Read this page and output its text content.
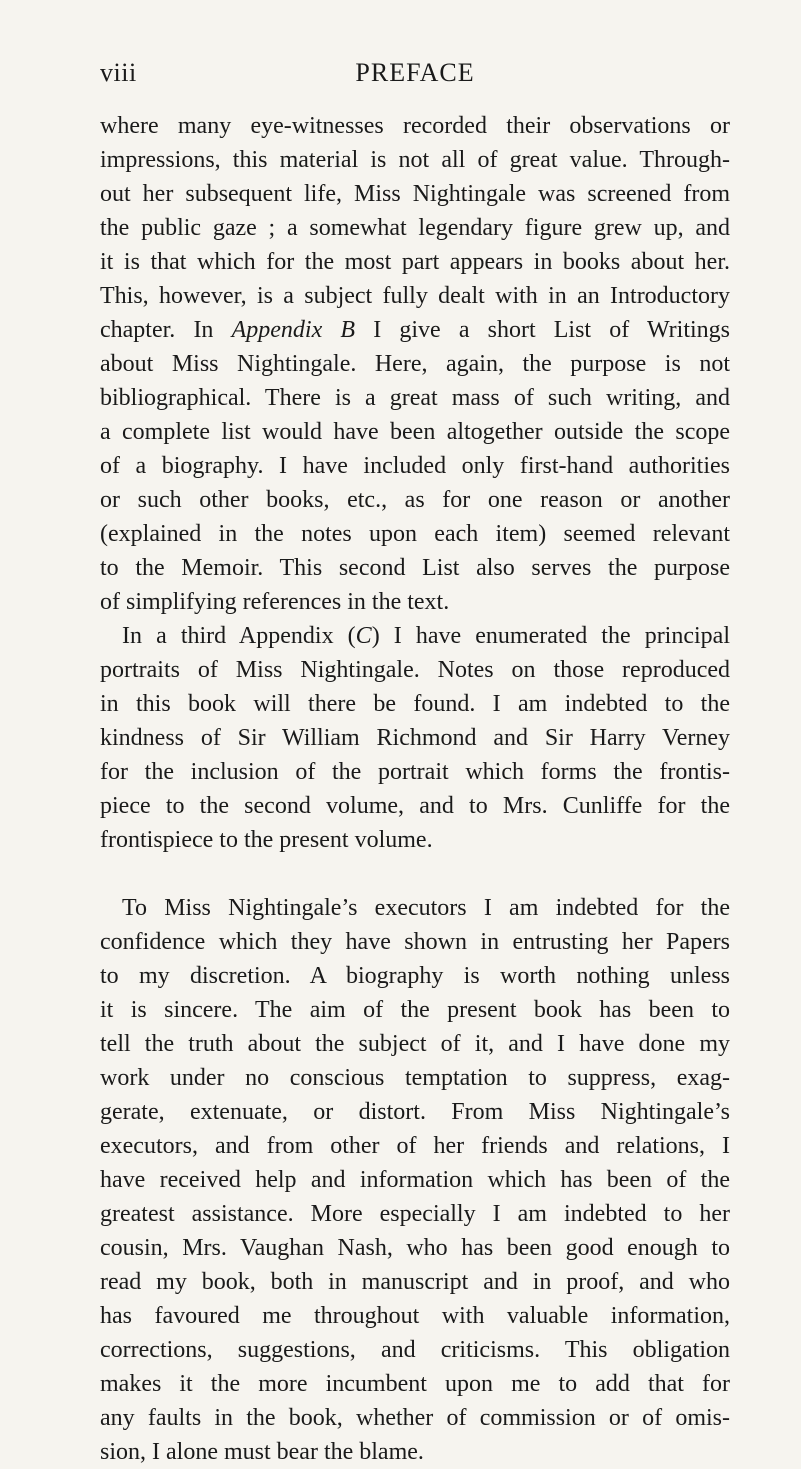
viii	PREFACE
where many eye-witnesses recorded their observations or
impressions, this material is not all of great value. Through-
out her subsequent life, Miss Nightingale was screened from
the public gaze ; a somewhat legendary figure grew up, and
it is that which for the most part appears in books about her.
This, however, is a subject fully dealt with in an Introductory
chapter. In Appendix B I give a short List of Writings
about Miss Nightingale. Here, again, the purpose is not
bibliographical. There is a great mass of such writing, and
a complete list would have been altogether outside the scope
of a biography. I have included only first-hand authorities
or such other books, etc., as for one reason or another
(explained in the notes upon each item) seemed relevant
to the Memoir. This second List also serves the purpose
of simplifying references in the text.
In a third Appendix (C) I have enumerated the principal
portraits of Miss Nightingale. Notes on those reproduced
in this book will there be found. I am indebted to the
kindness of Sir William Richmond and Sir Harry Verney
for the inclusion of the portrait which forms the frontis-
piece to the second volume, and to Mrs. Cunliffe for the
frontispiece to the present volume.
To Miss Nightingale’s executors I am indebted for the
confidence which they have shown in entrusting her Papers
to my discretion. A biography is worth nothing unless
it is sincere. The aim of the present book has been to
tell the truth about the subject of it, and I have done my
work under no conscious temptation to suppress, exag-
gerate, extenuate, or distort. From Miss Nightingale’s
executors, and from other of her friends and relations, I
have received help and information which has been of the
greatest assistance. More especially I am indebted to her
cousin, Mrs. Vaughan Nash, who has been good enough to
read my book, both in manuscript and in proof, and who
has favoured me throughout with valuable information,
corrections, suggestions, and criticisms. This obligation
makes it the more incumbent upon me to add that for
any faults in the book, whether of commission or of omis-
sion, I alone must bear the blame.
